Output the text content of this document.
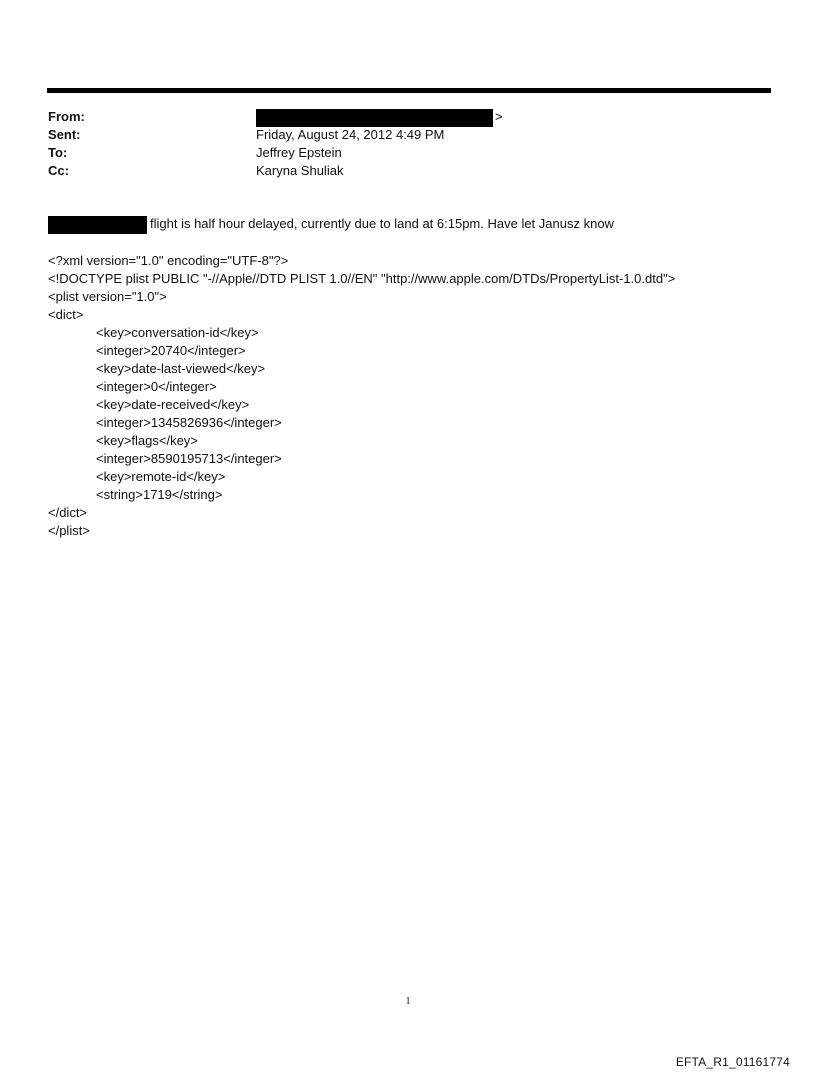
From:	>
Sent:	Friday, August 24, 2012 4:49 PM
To:	Jeffrey Epstein
Cc:	Karyna Shuliak
flight is half hour delayed, currently due to land at 6:15pm. Have let Janusz know
<?xml version="1.0" encoding="UTF-8"?>
<!DOCTYPE plist PUBLIC "-//Apple//DTD PLIST 1.0//EN" "http://www.apple.com/DTDs/PropertyList-1.0.dtd">
<plist version="1.0">
<dict>
<key>conversation-id</key>
<integer>20740</integer>
<key>date-last-viewed</key>
<integer>0</integer>
<key>date-received</key>
<integer>1345826936</integer>
<key>flags</key>
<integer>8590195713</integer>
<key>remote-id</key>
<string>1719</string>
</dict>
</plist>
1
EFTA_R1_01161774
